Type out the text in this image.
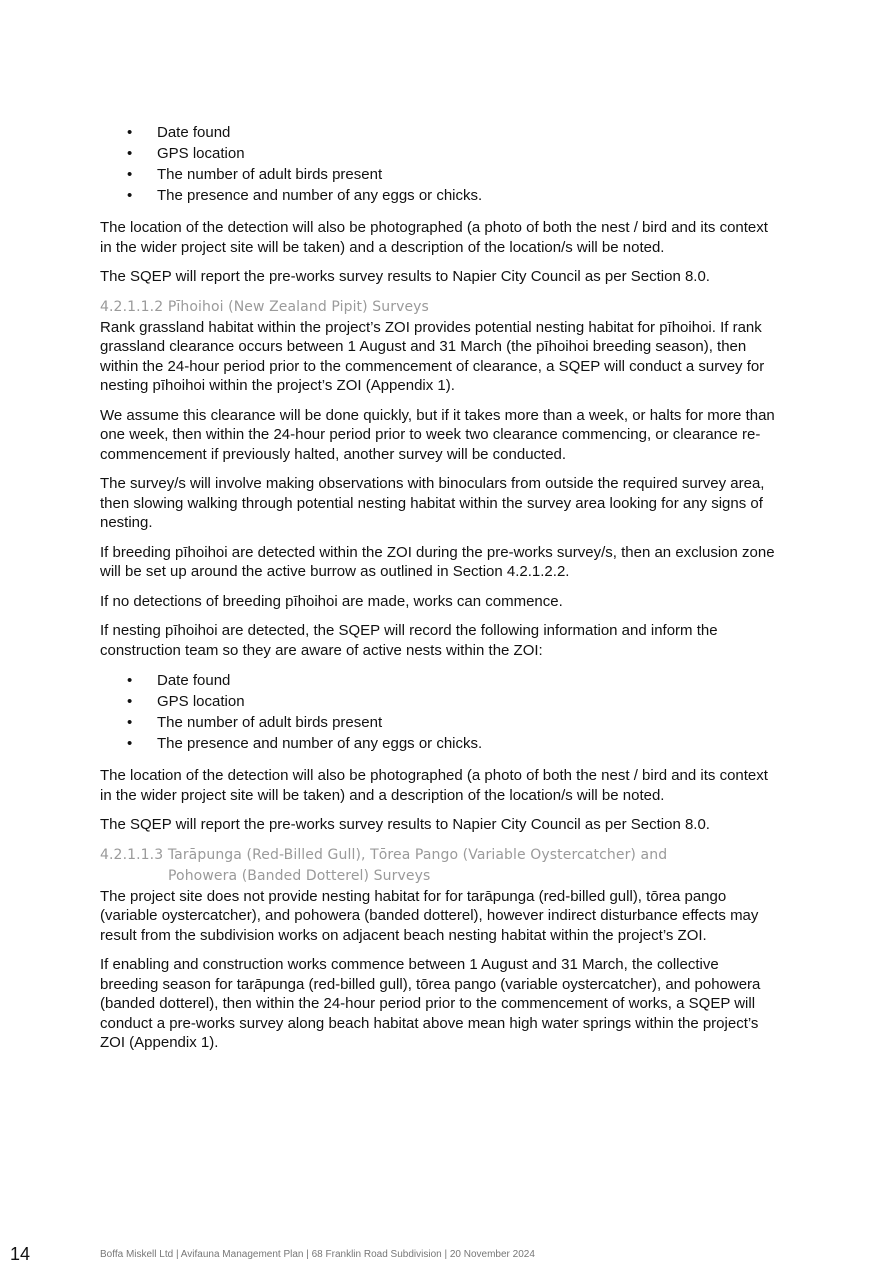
• Date found
• GPS location
• The number of adult birds present
• The presence and number of any eggs or chicks.

The location of the detection will also be photographed (a photo of both the nest / bird and its context in the wider project site will be taken) and a description of the location/s will be noted.

The SQEP will report the pre-works survey results to Napier City Council as per Section 8.0.

4.2.1.1.2 Pīhoihoi (New Zealand Pipit) Surveys

Rank grassland habitat within the project’s ZOI provides potential nesting habitat for pīhoihoi. If rank grassland clearance occurs between 1 August and 31 March (the pīhoihoi breeding season), then within the 24-hour period prior to the commencement of clearance, a SQEP will conduct a survey for nesting pīhoihoi within the project’s ZOI (Appendix 1).

We assume this clearance will be done quickly, but if it takes more than a week, or halts for more than one week, then within the 24-hour period prior to week two clearance commencing, or clearance re-commencement if previously halted, another survey will be conducted.

The survey/s will involve making observations with binoculars from outside the required survey area, then slowing walking through potential nesting habitat within the survey area looking for any signs of nesting.

If breeding pīhoihoi are detected within the ZOI during the pre-works survey/s, then an exclusion zone will be set up around the active burrow as outlined in Section 4.2.1.2.2.

If no detections of breeding pīhoihoi are made, works can commence.

If nesting pīhoihoi are detected, the SQEP will record the following information and inform the construction team so they are aware of active nests within the ZOI:

• Date found
• GPS location
• The number of adult birds present
• The presence and number of any eggs or chicks.

The location of the detection will also be photographed (a photo of both the nest / bird and its context in the wider project site will be taken) and a description of the location/s will be noted.

The SQEP will report the pre-works survey results to Napier City Council as per Section 8.0.

4.2.1.1.3 Tarāpunga (Red-Billed Gull), Tōrea Pango (Variable Oystercatcher) and
Pohowera (Banded Dotterel) Surveys

The project site does not provide nesting habitat for for tarāpunga (red-billed gull), tōrea pango (variable oystercatcher), and pohowera (banded dotterel), however indirect disturbance effects may result from the subdivision works on adjacent beach nesting habitat within the project’s ZOI.

If enabling and construction works commence between 1 August and 31 March, the collective breeding season for tarāpunga (red-billed gull), tōrea pango (variable oystercatcher), and pohowera (banded dotterel), then within the 24-hour period prior to the commencement of works, a SQEP will conduct a pre-works survey along beach habitat above mean high water springs within the project’s ZOI (Appendix 1).

14	Boffa Miskell Ltd | Avifauna Management Plan | 68 Franklin Road Subdivision | 20 November 2024
